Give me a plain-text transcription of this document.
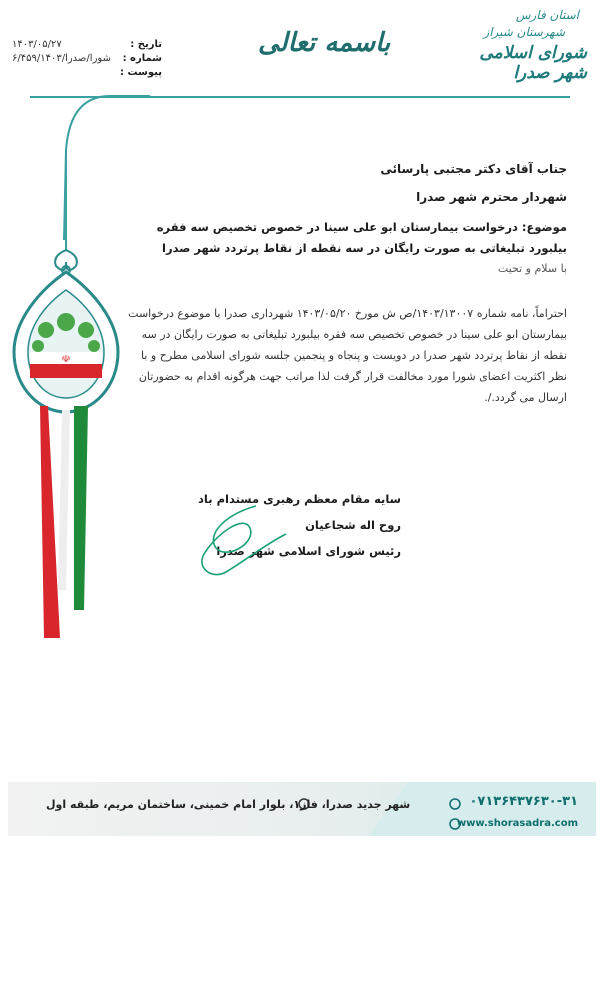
استان فارس
شهرستان شیراز
شورای اسلامی شهر صدرا
باسمه تعالی
تاریخ :
۱۴۰۳/۰۵/۲۷
شماره :
۶/۴۵۹/۱۴۰۳/شورا/صدرا
پیوست :
☫
جناب آقای دکتر مجتبی پارسائی
شهردار محترم شهر صدرا
موضوع: درخواست بیمارستان ابو علی سینا در خصوص تخصیص سه فقره بیلبورد تبلیغاتی به صورت رایگان در سه نقطه از نقاط پرتردد شهر صدرا
با سلام و تحیت
احتراماً، نامه شماره ۱۴۰۳/۱۳۰۰۷/ص ش مورخ ۱۴۰۳/۰۵/۲۰ شهرداری صدرا با موضوع درخواست بیمارستان ابو علی سینا در خصوص تخصیص سه فقره بیلبورد تبلیغاتی به صورت رایگان در سه نقطه از نقاط پرتردد شهر صدرا در دویست و پنجاه و پنجمین جلسه شورای اسلامی مطرح و با نظر اکثریت اعضای شورا مورد مخالفت قرار گرفت لذا مراتب جهت هرگونه اقدام به حضورتان ارسال می گردد./.
سایه مقام معظم رهبری مستدام باد
روح اله شجاعیان
رئیس شورای اسلامی شهر صدرا
شهر جدید صدرا، فاز۱، بلوار امام خمینی، ساختمان مریم، طبقه اول	۰۷۱۳۶۴۳۷۶۳۰-۳۱
www.shorasadra.com
